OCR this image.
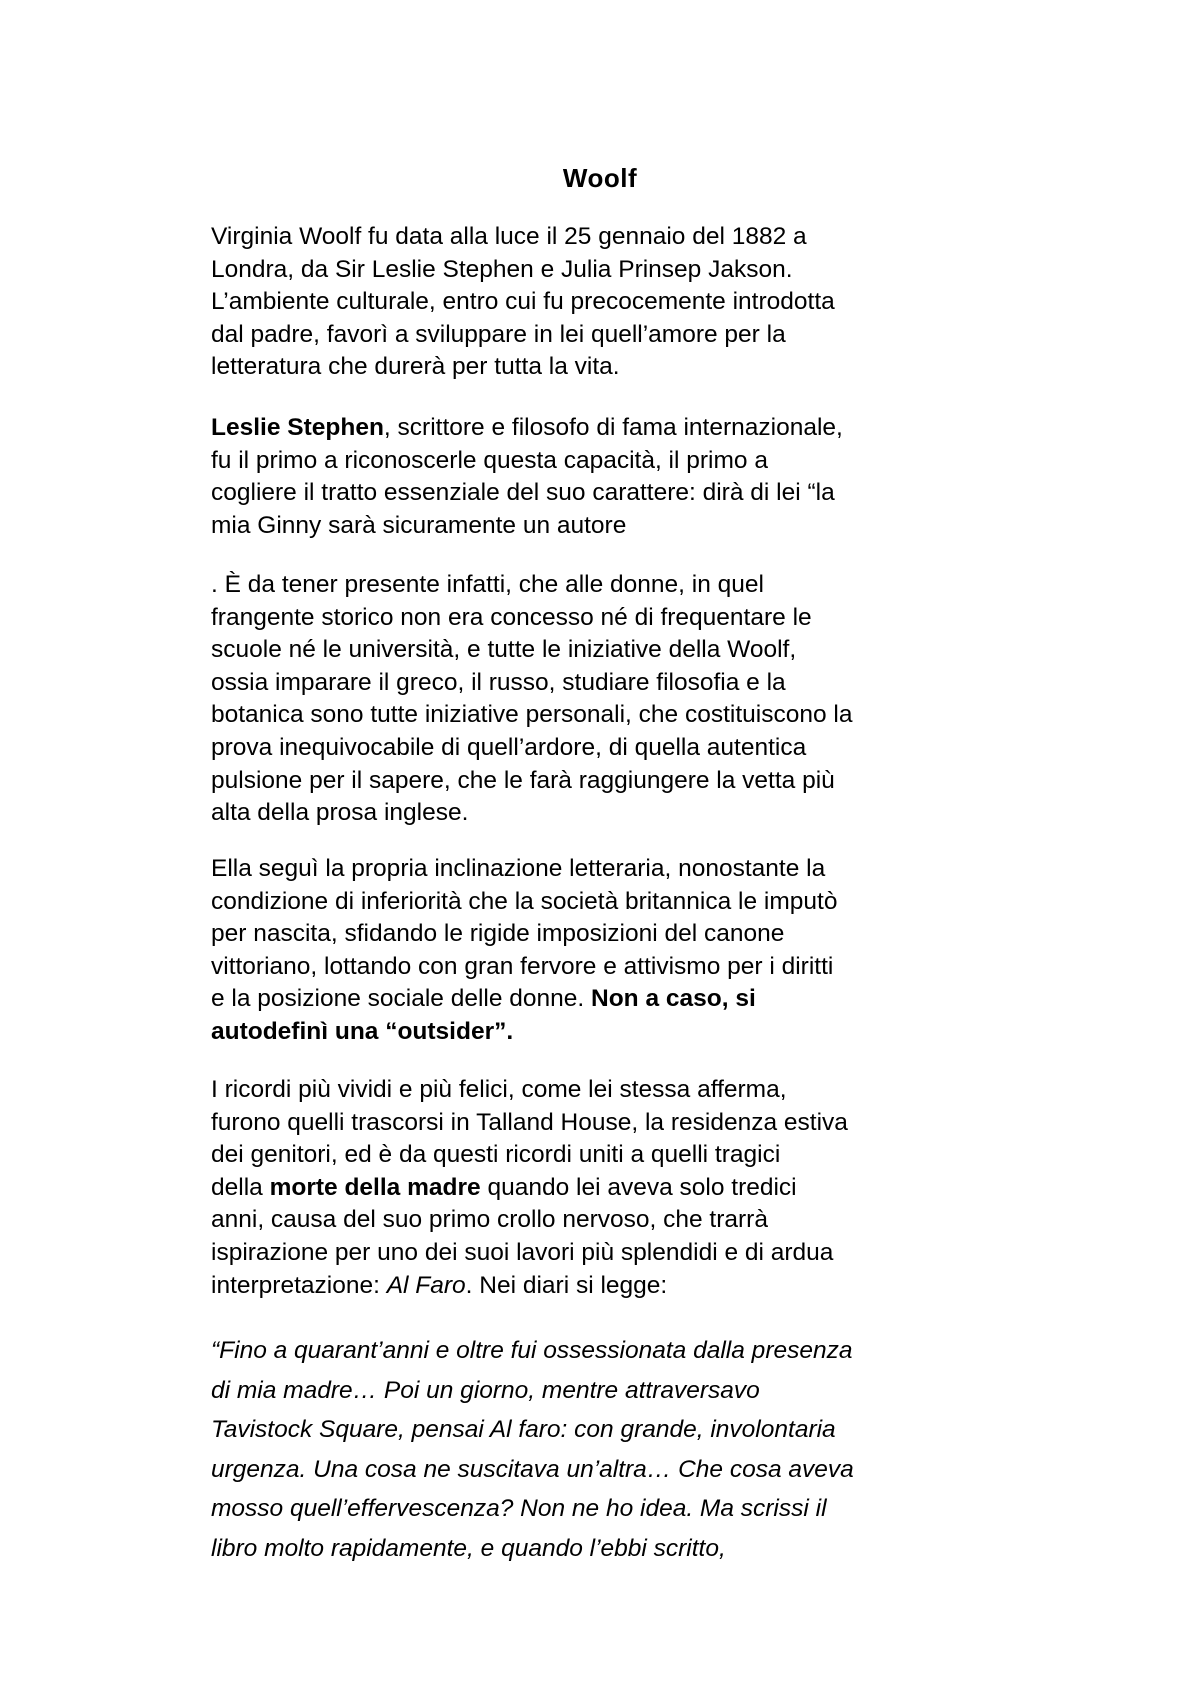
Woolf

Virginia Woolf fu data alla luce il 25 gennaio del 1882 a
Londra, da Sir Leslie Stephen e Julia Prinsep Jakson.
L’ambiente culturale, entro cui fu precocemente introdotta
dal padre, favorì a sviluppare in lei quell’amore per la
letteratura che durerà per tutta la vita.

Leslie Stephen, scrittore e filosofo di fama internazionale,
fu il primo a riconoscerle questa capacità, il primo a
cogliere il tratto essenziale del suo carattere: dirà di lei “la
mia Ginny sarà sicuramente un autore

. È da tener presente infatti, che alle donne, in quel
frangente storico non era concesso né di frequentare le
scuole né le università, e tutte le iniziative della Woolf,
ossia imparare il greco, il russo, studiare filosofia e la
botanica sono tutte iniziative personali, che costituiscono la
prova inequivocabile di quell’ardore, di quella autentica
pulsione per il sapere, che le farà raggiungere la vetta più
alta della prosa inglese.

Ella seguì la propria inclinazione letteraria, nonostante la
condizione di inferiorità che la società britannica le imputò
per nascita, sfidando le rigide imposizioni del canone
vittoriano, lottando con gran fervore e attivismo per i diritti
e la posizione sociale delle donne. Non a caso, si
autodefinì una “outsider”.

I ricordi più vividi e più felici, come lei stessa afferma,
furono quelli trascorsi in Talland House, la residenza estiva
dei genitori, ed è da questi ricordi uniti a quelli tragici
della morte della madre quando lei aveva solo tredici
anni, causa del suo primo crollo nervoso, che trarrà
ispirazione per uno dei suoi lavori più splendidi e di ardua
interpretazione: Al Faro. Nei diari si legge:

“Fino a quarant’anni e oltre fui ossessionata dalla presenza
di mia madre… Poi un giorno, mentre attraversavo
Tavistock Square, pensai Al faro: con grande, involontaria
urgenza. Una cosa ne suscitava un’altra… Che cosa aveva
mosso quell’effervescenza? Non ne ho idea. Ma scrissi il
libro molto rapidamente, e quando l’ebbi scritto,
